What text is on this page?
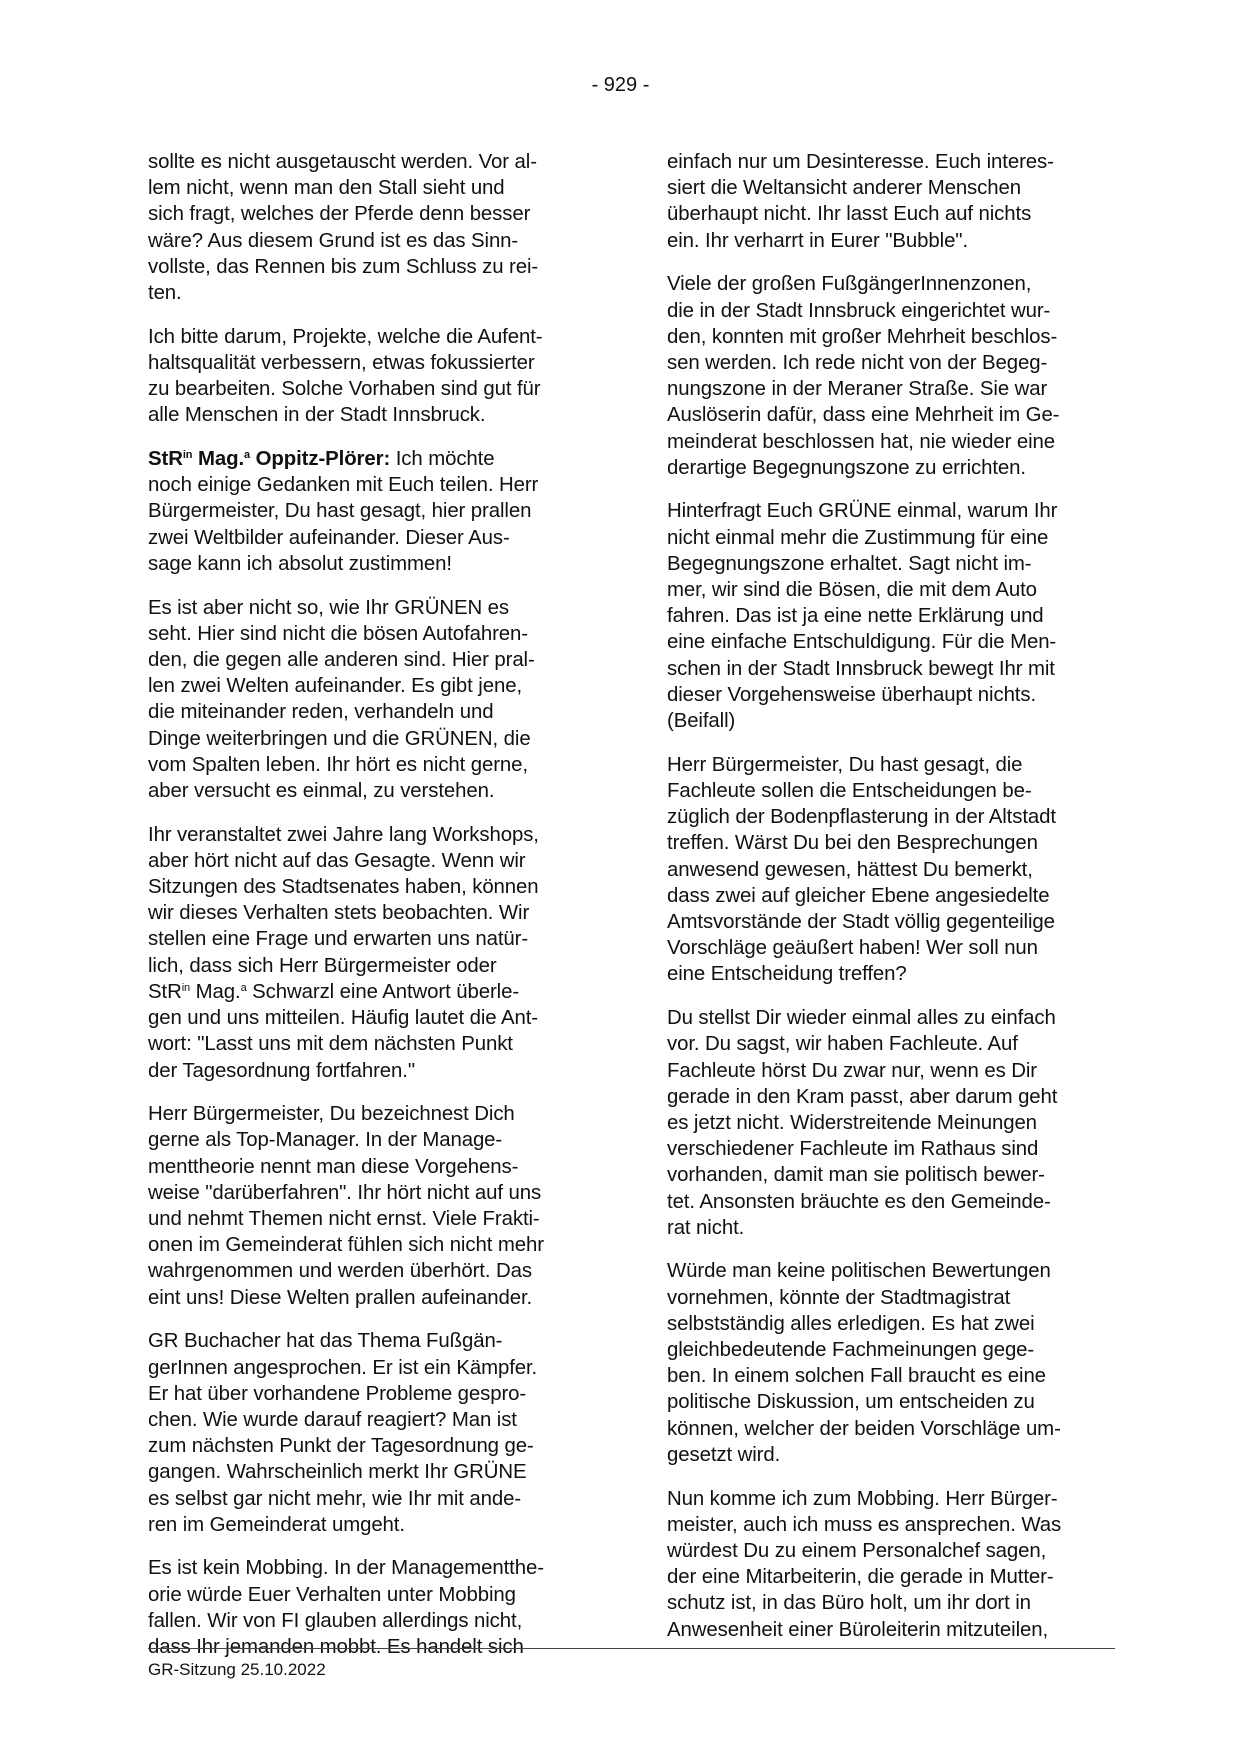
- 929 -
sollte es nicht ausgetauscht werden. Vor al-
lem nicht, wenn man den Stall sieht und
sich fragt, welches der Pferde denn besser
wäre? Aus diesem Grund ist es das Sinn-
vollste, das Rennen bis zum Schluss zu rei-
ten.
Ich bitte darum, Projekte, welche die Aufent-
haltsqualität verbessern, etwas fokussierter
zu bearbeiten. Solche Vorhaben sind gut für
alle Menschen in der Stadt Innsbruck.
StR$^{in}$ Mag.$^a$ Oppitz-Plörer: Ich möchte
noch einige Gedanken mit Euch teilen. Herr
Bürgermeister, Du hast gesagt, hier prallen
zwei Weltbilder aufeinander. Dieser Aus-
sage kann ich absolut zustimmen!
Es ist aber nicht so, wie Ihr GRÜNEN es
seht. Hier sind nicht die bösen Autofahren-
den, die gegen alle anderen sind. Hier pral-
len zwei Welten aufeinander. Es gibt jene,
die miteinander reden, verhandeln und
Dinge weiterbringen und die GRÜNEN, die
vom Spalten leben. Ihr hört es nicht gerne,
aber versucht es einmal, zu verstehen.
Ihr veranstaltet zwei Jahre lang Workshops,
aber hört nicht auf das Gesagte. Wenn wir
Sitzungen des Stadtsenates haben, können
wir dieses Verhalten stets beobachten. Wir
stellen eine Frage und erwarten uns natür-
lich, dass sich Herr Bürgermeister oder
StR$^{in}$ Mag.$^a$ Schwarzl eine Antwort überle-
gen und uns mitteilen. Häufig lautet die Ant-
wort: "Lasst uns mit dem nächsten Punkt
der Tagesordnung fortfahren."
Herr Bürgermeister, Du bezeichnest Dich
gerne als Top-Manager. In der Manage-
menttheorie nennt man diese Vorgehens-
weise "darüberfahren". Ihr hört nicht auf uns
und nehmt Themen nicht ernst. Viele Frakti-
onen im Gemeinderat fühlen sich nicht mehr
wahrgenommen und werden überhört. Das
eint uns! Diese Welten prallen aufeinander.
GR Buchacher hat das Thema Fußgän-
gerInnen angesprochen. Er ist ein Kämpfer.
Er hat über vorhandene Probleme gespro-
chen. Wie wurde darauf reagiert? Man ist
zum nächsten Punkt der Tagesordnung ge-
gangen. Wahrscheinlich merkt Ihr GRÜNE
es selbst gar nicht mehr, wie Ihr mit ande-
ren im Gemeinderat umgeht.
Es ist kein Mobbing. In der Managementthe-
orie würde Euer Verhalten unter Mobbing
fallen. Wir von FI glauben allerdings nicht,
dass Ihr jemanden mobbt. Es handelt sich
einfach nur um Desinteresse. Euch interes-
siert die Weltansicht anderer Menschen
überhaupt nicht. Ihr lasst Euch auf nichts
ein. Ihr verharrt in Eurer "Bubble".
Viele der großen FußgängerInnenzonen,
die in der Stadt Innsbruck eingerichtet wur-
den, konnten mit großer Mehrheit beschlos-
sen werden. Ich rede nicht von der Begeg-
nungszone in der Meraner Straße. Sie war
Auslöserin dafür, dass eine Mehrheit im Ge-
meinderat beschlossen hat, nie wieder eine
derartige Begegnungszone zu errichten.
Hinterfragt Euch GRÜNE einmal, warum Ihr
nicht einmal mehr die Zustimmung für eine
Begegnungszone erhaltet. Sagt nicht im-
mer, wir sind die Bösen, die mit dem Auto
fahren. Das ist ja eine nette Erklärung und
eine einfache Entschuldigung. Für die Men-
schen in der Stadt Innsbruck bewegt Ihr mit
dieser Vorgehensweise überhaupt nichts.
(Beifall)
Herr Bürgermeister, Du hast gesagt, die
Fachleute sollen die Entscheidungen be-
züglich der Bodenpflasterung in der Altstadt
treffen. Wärst Du bei den Besprechungen
anwesend gewesen, hättest Du bemerkt,
dass zwei auf gleicher Ebene angesiedelte
Amtsvorstände der Stadt völlig gegenteilige
Vorschläge geäußert haben! Wer soll nun
eine Entscheidung treffen?
Du stellst Dir wieder einmal alles zu einfach
vor. Du sagst, wir haben Fachleute. Auf
Fachleute hörst Du zwar nur, wenn es Dir
gerade in den Kram passt, aber darum geht
es jetzt nicht. Widerstreitende Meinungen
verschiedener Fachleute im Rathaus sind
vorhanden, damit man sie politisch bewer-
tet. Ansonsten bräuchte es den Gemeinde-
rat nicht.
Würde man keine politischen Bewertungen
vornehmen, könnte der Stadtmagistrat
selbstständig alles erledigen. Es hat zwei
gleichbedeutende Fachmeinungen gege-
ben. In einem solchen Fall braucht es eine
politische Diskussion, um entscheiden zu
können, welcher der beiden Vorschläge um-
gesetzt wird.
Nun komme ich zum Mobbing. Herr Bürger-
meister, auch ich muss es ansprechen. Was
würdest Du zu einem Personalchef sagen,
der eine Mitarbeiterin, die gerade in Mutter-
schutz ist, in das Büro holt, um ihr dort in
Anwesenheit einer Büroleiterin mitzuteilen,
GR-Sitzung 25.10.2022
